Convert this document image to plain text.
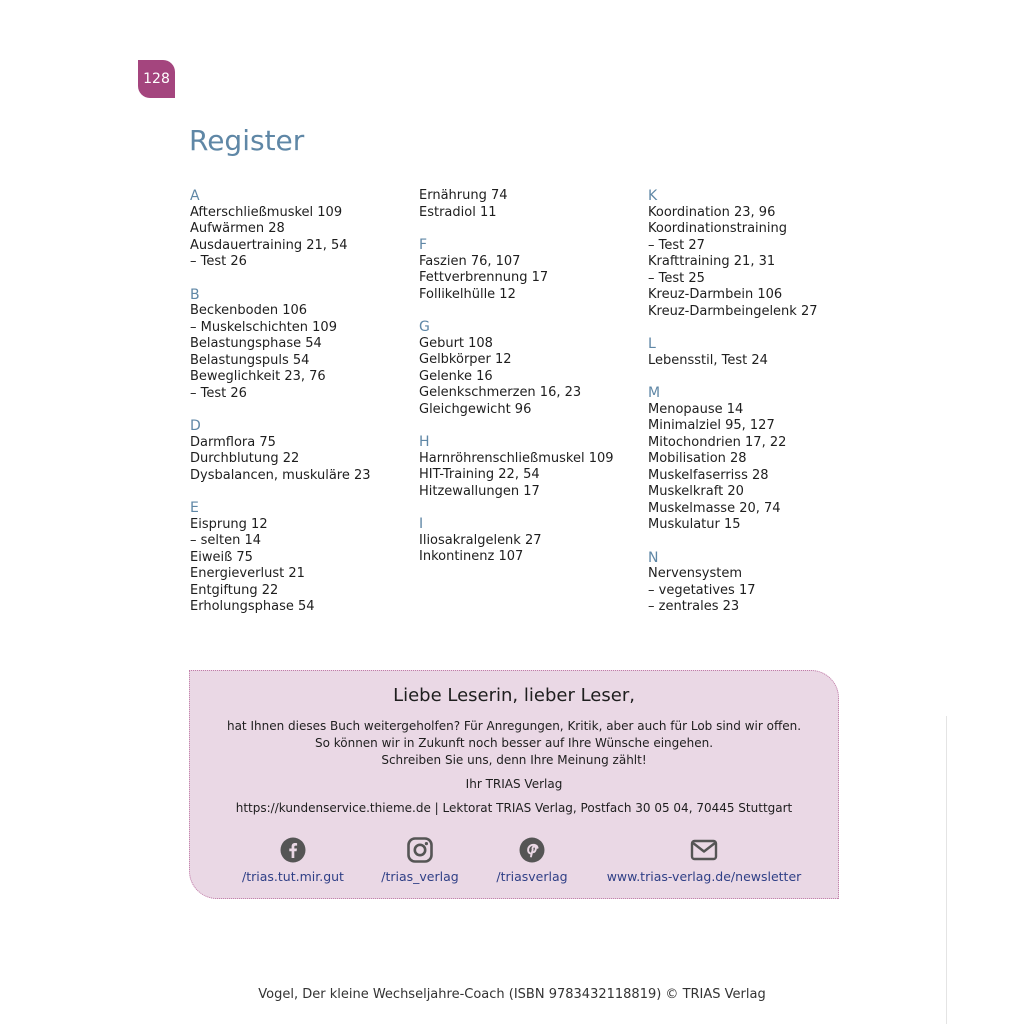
128
Register
A
Afterschließmuskel 109
Aufwärmen 28
Ausdauertraining 21, 54
– Test 26
B
Beckenboden 106
– Muskelschichten 109
Belastungsphase 54
Belastungspuls 54
Beweglichkeit 23, 76
– Test 26
D
Darmflora 75
Durchblutung 22
Dysbalancen, muskuläre 23
E
Eisprung 12
– selten 14
Eiweiß 75
Energieverlust 21
Entgiftung 22
Erholungsphase 54
Ernährung 74
Estradiol 11
F
Faszien 76, 107
Fettverbrennung 17
Follikelhülle 12
G
Geburt 108
Gelbkörper 12
Gelenke 16
Gelenkschmerzen 16, 23
Gleichgewicht 96
H
Harnröhrenschließmuskel 109
HIT-Training 22, 54
Hitzewallungen 17
I
Iliosakralgelenk 27
Inkontinenz 107
K
Koordination 23, 96
Koordinationstraining
– Test 27
Krafttraining 21, 31
– Test 25
Kreuz-Darmbein 106
Kreuz-Darmbeingelenk 27
L
Lebensstil, Test 24
M
Menopause 14
Minimalziel 95, 127
Mitochondrien 17, 22
Mobilisation 28
Muskelfaserriss 28
Muskelkraft 20
Muskelmasse 20, 74
Muskulatur 15
N
Nervensystem
– vegetatives 17
– zentrales 23
Liebe Leserin, lieber Leser,
hat Ihnen dieses Buch weitergeholfen? Für Anregungen, Kritik, aber auch für Lob sind wir offen.
So können wir in Zukunft noch besser auf Ihre Wünsche eingehen.
Schreiben Sie uns, denn Ihre Meinung zählt!
Ihr TRIAS Verlag
https://kundenservice.thieme.de | Lektorat TRIAS Verlag, Postfach 30 05 04, 70445 Stuttgart
/trias.tut.mir.gut	/trias_verlag	/triasverlag	www.trias-verlag.de/newsletter
Vogel, Der kleine Wechseljahre-Coach (ISBN 9783432118819) © TRIAS Verlag
